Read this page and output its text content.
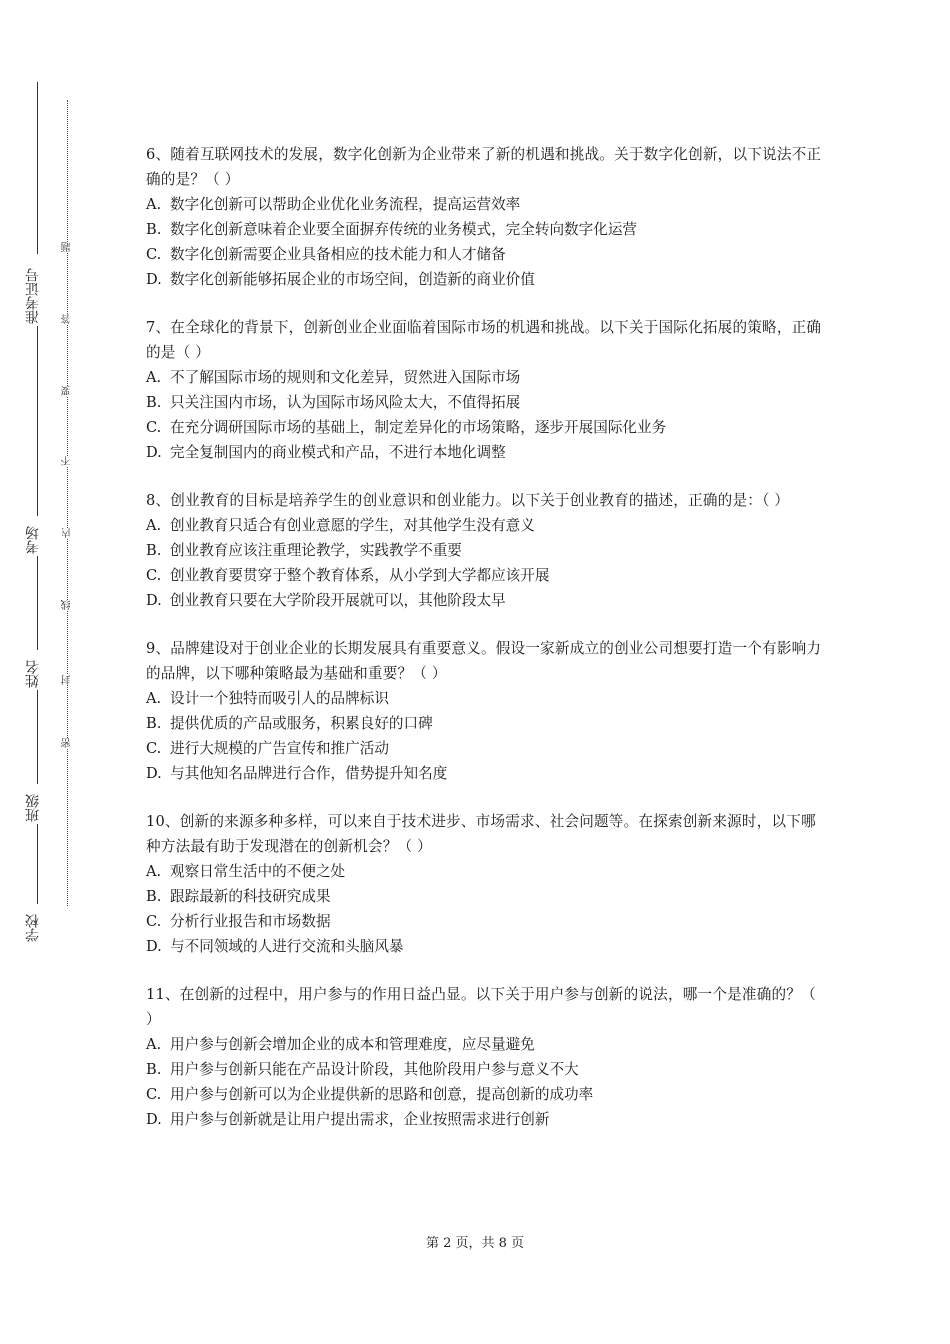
准考证号
考场
姓名
班级
学校
密
封
线
内
不
要
答
题

6、随着互联网技术的发展，数字化创新为企业带来了新的机遇和挑战。关于数字化创新，以下说法不正确的是？（ ）

A. 数字化创新可以帮助企业优化业务流程，提高运营效率
B. 数字化创新意味着企业要全面摒弃传统的业务模式，完全转向数字化运营
C. 数字化创新需要企业具备相应的技术能力和人才储备
D. 数字化创新能够拓展企业的市场空间，创造新的商业价值

7、在全球化的背景下，创新创业企业面临着国际市场的机遇和挑战。以下关于国际化拓展的策略，正确的是（ ）

A. 不了解国际市场的规则和文化差异，贸然进入国际市场
B. 只关注国内市场，认为国际市场风险太大，不值得拓展
C. 在充分调研国际市场的基础上，制定差异化的市场策略，逐步开展国际化业务
D. 完全复制国内的商业模式和产品，不进行本地化调整

8、创业教育的目标是培养学生的创业意识和创业能力。以下关于创业教育的描述，正确的是：（ ）

A. 创业教育只适合有创业意愿的学生，对其他学生没有意义
B. 创业教育应该注重理论教学，实践教学不重要
C. 创业教育要贯穿于整个教育体系，从小学到大学都应该开展
D. 创业教育只要在大学阶段开展就可以，其他阶段太早

9、品牌建设对于创业企业的长期发展具有重要意义。假设一家新成立的创业公司想要打造一个有影响力的品牌，以下哪种策略最为基础和重要？（ ）

A. 设计一个独特而吸引人的品牌标识
B. 提供优质的产品或服务，积累良好的口碑
C. 进行大规模的广告宣传和推广活动
D. 与其他知名品牌进行合作，借势提升知名度

10、创新的来源多种多样，可以来自于技术进步、市场需求、社会问题等。在探索创新来源时，以下哪种方法最有助于发现潜在的创新机会？（ ）

A. 观察日常生活中的不便之处
B. 跟踪最新的科技研究成果
C. 分析行业报告和市场数据
D. 与不同领域的人进行交流和头脑风暴

11、在创新的过程中，用户参与的作用日益凸显。以下关于用户参与创新的说法，哪一个是准确的？（ ）

A. 用户参与创新会增加企业的成本和管理难度，应尽量避免
B. 用户参与创新只能在产品设计阶段，其他阶段用户参与意义不大
C. 用户参与创新可以为企业提供新的思路和创意，提高创新的成功率
D. 用户参与创新就是让用户提出需求，企业按照需求进行创新
第 2 页，共 8 页
